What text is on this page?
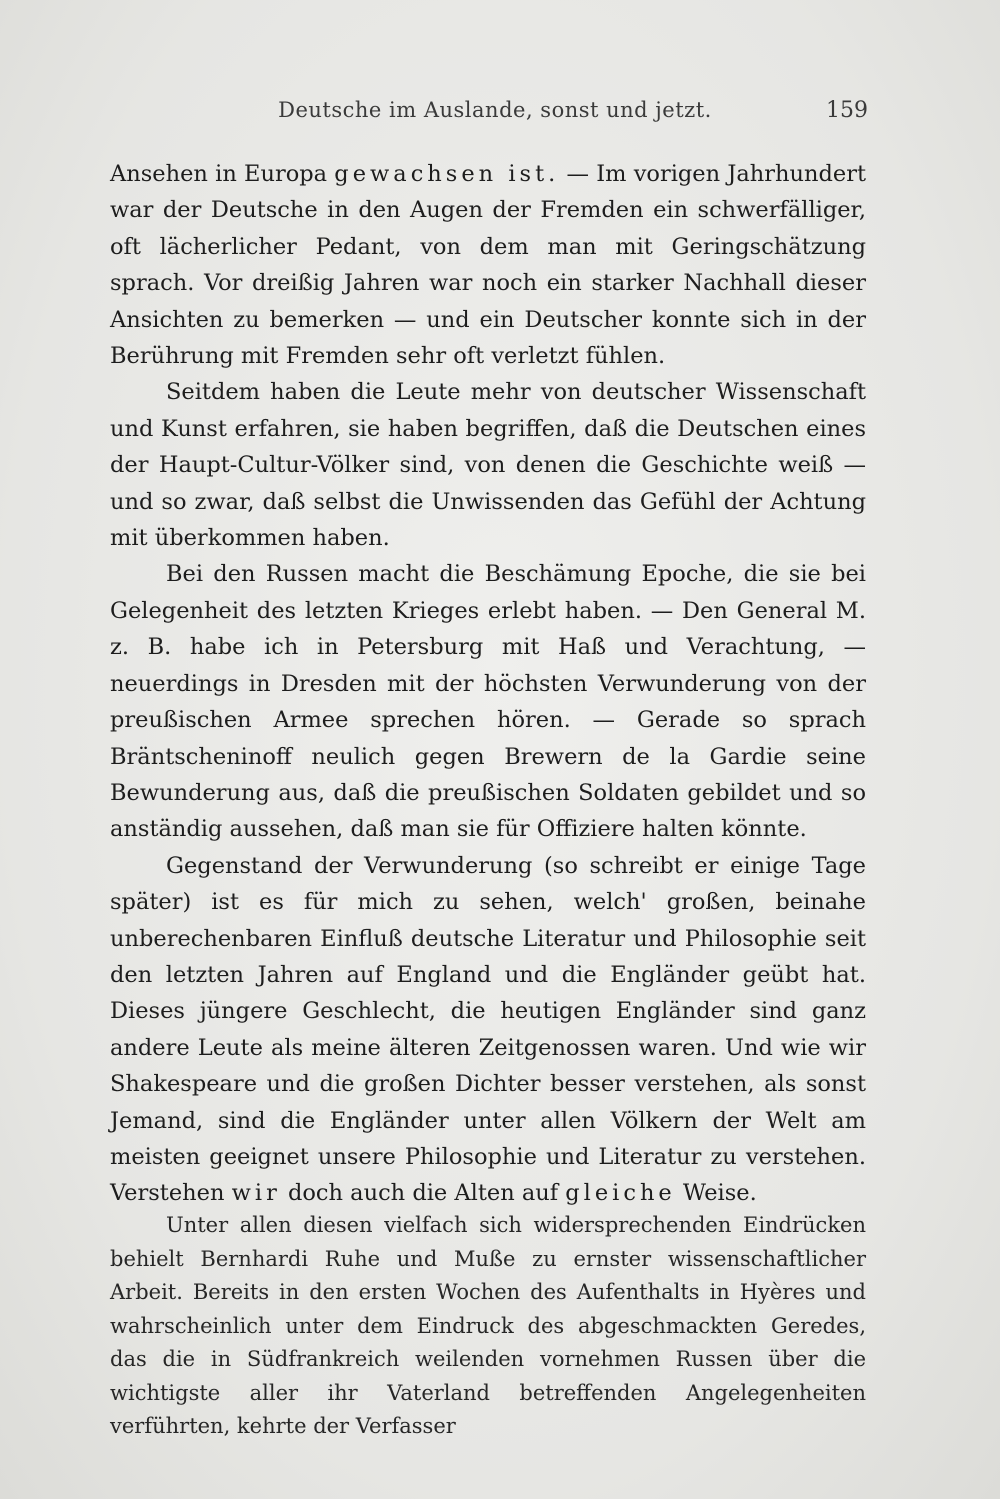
Deutsche im Auslande, sonst und jetzt.	159

Ansehen in Europa gewachsen ist. — Im vorigen Jahrhundert war der Deutsche in den Augen der Fremden ein schwerfälliger, oft lächerlicher Pedant, von dem man mit Geringschätzung sprach. Vor dreißig Jahren war noch ein starker Nachhall dieser Ansichten zu bemerken — und ein Deutscher konnte sich in der Berührung mit Fremden sehr oft verletzt fühlen.

Seitdem haben die Leute mehr von deutscher Wissenschaft und Kunst erfahren, sie haben begriffen, daß die Deutschen eines der Haupt-Cultur-Völker sind, von denen die Geschichte weiß — und so zwar, daß selbst die Unwissenden das Gefühl der Achtung mit überkommen haben.

Bei den Russen macht die Beschämung Epoche, die sie bei Gelegenheit des letzten Krieges erlebt haben. — Den General M. z. B. habe ich in Petersburg mit Haß und Verachtung, — neuerdings in Dresden mit der höchsten Verwunderung von der preußischen Armee sprechen hören. — Gerade so sprach Bräntscheninoff neulich gegen Brewern de la Gardie seine Bewunderung aus, daß die preußischen Soldaten gebildet und so anständig aussehen, daß man sie für Offiziere halten könnte.

Gegenstand der Verwunderung (so schreibt er einige Tage später) ist es für mich zu sehen, welch' großen, beinahe unberechenbaren Einfluß deutsche Literatur und Philosophie seit den letzten Jahren auf England und die Engländer geübt hat. Dieses jüngere Geschlecht, die heutigen Engländer sind ganz andere Leute als meine älteren Zeitgenossen waren. Und wie wir Shakespeare und die großen Dichter besser verstehen, als sonst Jemand, sind die Engländer unter allen Völkern der Welt am meisten geeignet unsere Philosophie und Literatur zu verstehen. Verstehen wir doch auch die Alten auf gleiche Weise.

Unter allen diesen vielfach sich widersprechenden Eindrücken behielt Bernhardi Ruhe und Muße zu ernster wissenschaftlicher Arbeit. Bereits in den ersten Wochen des Aufenthalts in Hyères und wahrscheinlich unter dem Eindruck des abgeschmackten Geredes, das die in Südfrankreich weilenden vornehmen Russen über die wichtigste aller ihr Vaterland betreffenden Angelegenheiten verführten, kehrte der Verfasser
